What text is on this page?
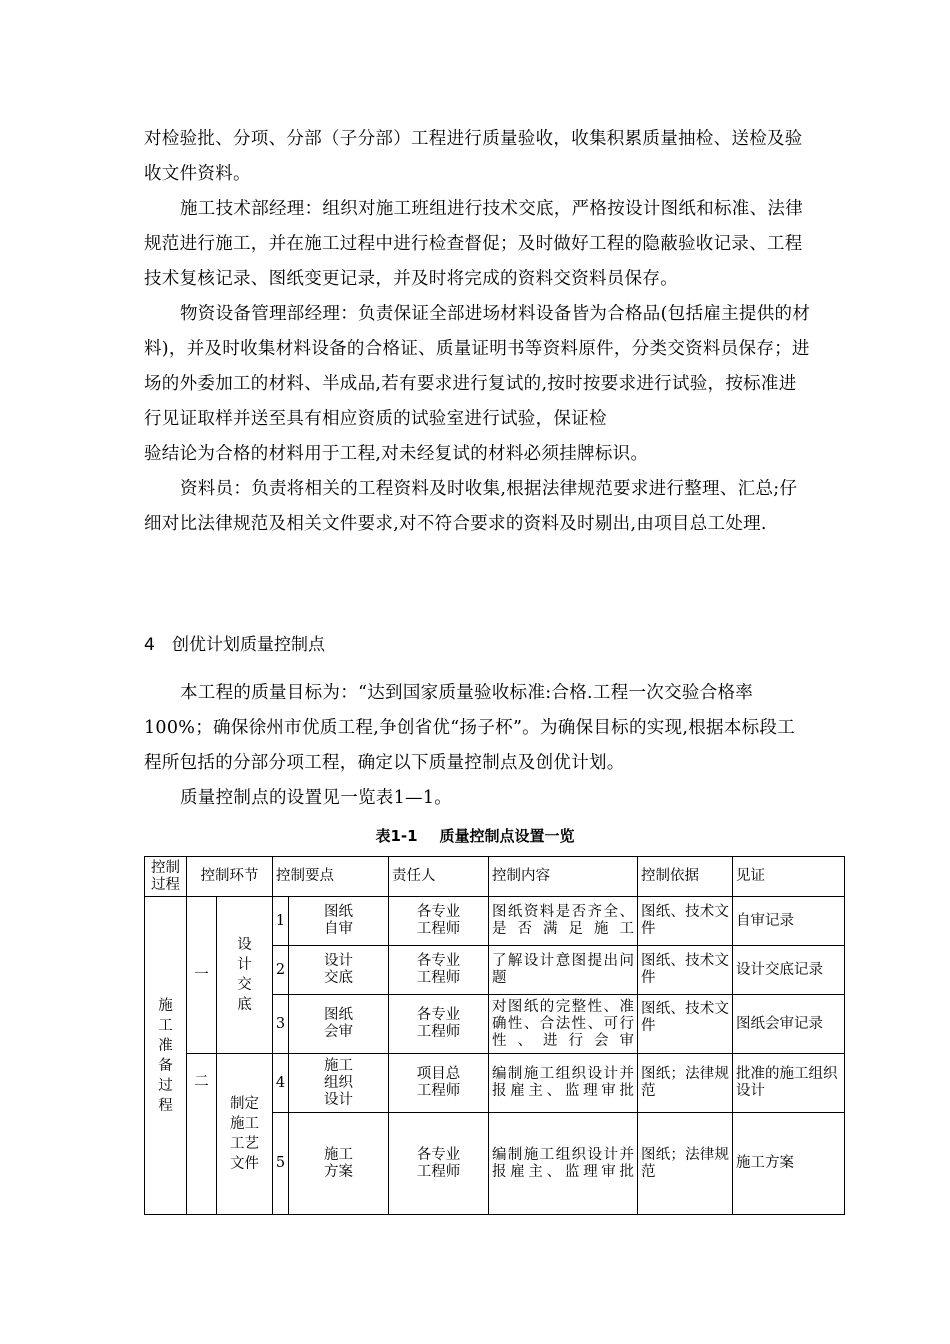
对检验批、分项、分部（子分部）工程进行质量验收，收集积累质量抽检、送检及验收文件资料。

施工技术部经理：组织对施工班组进行技术交底，严格按设计图纸和标准、法律规范进行施工，并在施工过程中进行检查督促；及时做好工程的隐蔽验收记录、工程技术复核记录、图纸变更记录，并及时将完成的资料交资料员保存。

物资设备管理部经理：负责保证全部进场材料设备皆为合格品(包括雇主提供的材料)，并及时收集材料设备的合格证、质量证明书等资料原件，分类交资料员保存；进场的外委加工的材料、半成品,若有要求进行复试的,按时按要求进行试验，按标准进行见证取样并送至具有相应资质的试验室进行试验，保证检

验结论为合格的材料用于工程,对未经复试的材料必须挂牌标识。

资料员：负责将相关的工程资料及时收集,根据法律规范要求进行整理、汇总;仔细对比法律规范及相关文件要求,对不符合要求的资料及时剔出,由项目总工处理.

4 创优计划质量控制点

本工程的质量目标为：“达到国家质量验收标准:合格.工程一次交验合格率100%；确保徐州市优质工程,争创省优“扬子杯”。为确保目标的实现,根据本标段工程所包括的分部分项工程，确定以下质量控制点及创优计划。

质量控制点的设置见一览表1—1。

表1-1 质量控制点设置一览
控制过程	控制环节		控制要点		责任人	控制内容	控制依据	见证
施工准备过程	一	设计交底	1	图纸自审	各专业工程师	图纸资料是否齐全、是否满足施工	图纸、技术文件	自审记录
			2	设计交底	各专业工程师	了解设计意图提出问题	图纸、技术文件	设计交底记录
			3	图纸会审	各专业工程师	对图纸的完整性、准确性、合法性、可行性、进行会审	图纸、技术文件	图纸会审记录
	二	制定施工工艺文件	4	施工组织设计	项目总工程师	编制施工组织设计并报雇主、监理审批	图纸；法律规范	批准的施工组织设计
			5	施工方案	各专业工程师	编制施工组织设计并报雇主、监理审批	图纸；法律规范	施工方案
